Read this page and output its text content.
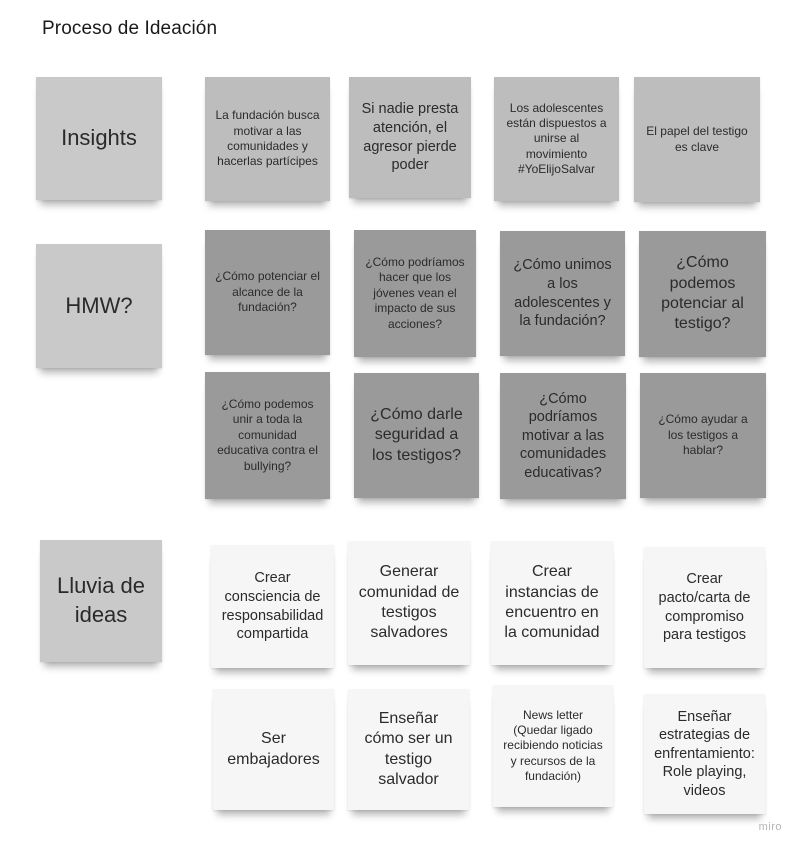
Proceso de Ideación
Insights
HMW?
Lluvia de ideas
La fundación busca motivar a las comunidades y hacerlas partícipes
Si nadie presta atención, el agresor pierde poder
Los adolescentes están dispuestos a unirse al movimiento #YoElijoSalvar
El papel del testigo es clave
¿Cómo potenciar el alcance de la fundación?
¿Cómo podríamos hacer que los jóvenes vean el impacto de sus acciones?
¿Cómo unimos a los adolescentes y la fundación?
¿Cómo podemos potenciar al testigo?
¿Cómo podemos unir a toda la comunidad educativa contra el bullying?
¿Cómo darle seguridad a los testigos?
¿Cómo podríamos motivar a las comunidades educativas?
¿Cómo ayudar a los testigos a hablar?
Crear consciencia de responsabilidad compartida
Generar comunidad de testigos salvadores
Crear instancias de encuentro en la comunidad
Crear pacto/carta de compromiso para testigos
Ser embajadores
Enseñar cómo ser un testigo salvador
News letter (Quedar ligado recibiendo noticias y recursos de la fundación)
Enseñar estrategias de enfrentamiento: Role playing, videos
miro
